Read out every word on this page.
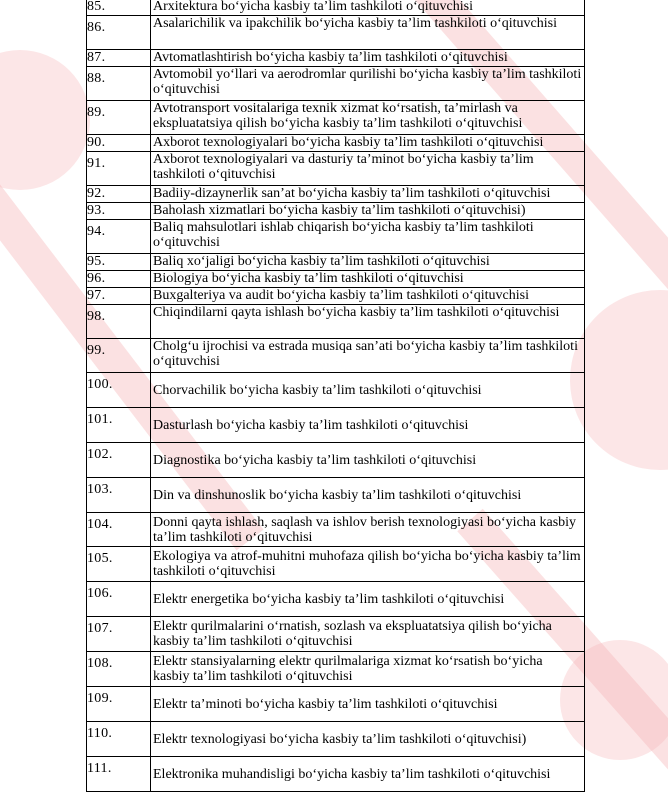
85.	Arxitektura bo‘yicha kasbiy ta’lim tashkiloti o‘qituvchisi

86.	Asalarichilik va ipakchilik bo‘yicha kasbiy ta’lim tashkiloti o‘qituvchisi

87.	Avtomatlashtirish bo‘yicha kasbiy ta’lim tashkiloti o‘qituvchisi

88.	Avtomobil yo‘llari va aerodromlar qurilishi bo‘yicha kasbiy ta’lim tashkiloti o‘qituvchisi

89.	Avtotransport vositalariga texnik xizmat ko‘rsatish, ta’mirlash va ekspluatatsiya qilish bo‘yicha kasbiy ta’lim tashkiloti o‘qituvchisi

90.	Axborot texnologiyalari bo‘yicha kasbiy ta’lim tashkiloti o‘qituvchisi

91.	Axborot texnologiyalari va dasturiy ta’minot bo‘yicha kasbiy ta’lim tashkiloti o‘qituvchisi

92.	Badiiy-dizaynerlik san’at bo‘yicha kasbiy ta’lim tashkiloti o‘qituvchisi

93.	Baholash xizmatlari bo‘yicha kasbiy ta’lim tashkiloti o‘qituvchisi)

94.	Baliq mahsulotlari ishlab chiqarish bo‘yicha kasbiy ta’lim tashkiloti o‘qituvchisi

95.	Baliq xo‘jaligi bo‘yicha kasbiy ta’lim tashkiloti o‘qituvchisi

96.	Biologiya bo‘yicha kasbiy ta’lim tashkiloti o‘qituvchisi

97.	Buxgalteriya va audit bo‘yicha kasbiy ta’lim tashkiloti o‘qituvchisi

98.	Chiqindilarni qayta ishlash bo‘yicha kasbiy ta’lim tashkiloti o‘qituvchisi

99.	Cholg‘u ijrochisi va estrada musiqa san’ati bo‘yicha kasbiy ta’lim tashkiloti o‘qituvchisi

100.	Chorvachilik bo‘yicha kasbiy ta’lim tashkiloti o‘qituvchisi

101.	Dasturlash bo‘yicha kasbiy ta’lim tashkiloti o‘qituvchisi

102.	Diagnostika bo‘yicha kasbiy ta’lim tashkiloti o‘qituvchisi

103.	Din va dinshunoslik bo‘yicha kasbiy ta’lim tashkiloti o‘qituvchisi

104.	Donni qayta ishlash, saqlash va ishlov berish texnologiyasi bo‘yicha kasbiy ta’lim tashkiloti o‘qituvchisi

105.	Ekologiya va atrof-muhitni muhofaza qilish bo‘yicha bo‘yicha kasbiy ta’lim tashkiloti o‘qituvchisi

106.	Elektr energetika bo‘yicha kasbiy ta’lim tashkiloti o‘qituvchisi

107.	Elektr qurilmalarini o‘rnatish, sozlash va ekspluatatsiya qilish bo‘yicha kasbiy ta’lim tashkiloti o‘qituvchisi

108.	Elektr stansiyalarning elektr qurilmalariga xizmat ko‘rsatish bo‘yicha kasbiy ta’lim tashkiloti o‘qituvchisi

109.	Elektr ta’minoti bo‘yicha kasbiy ta’lim tashkiloti o‘qituvchisi

110.	Elektr texnologiyasi bo‘yicha kasbiy ta’lim tashkiloti o‘qituvchisi)

111.	Elektronika muhandisligi bo‘yicha kasbiy ta’lim tashkiloti o‘qituvchisi
